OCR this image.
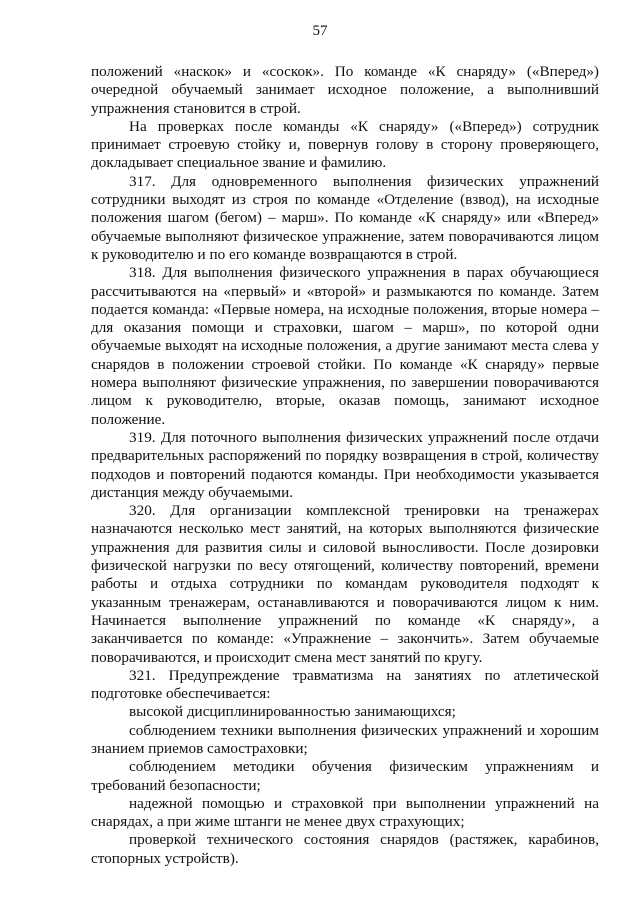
57

положений «наскок» и «соскок». По команде «К снаряду» («Вперед») очередной обучаемый занимает исходное положение, а выполнивший упражнения становится в строй.

На проверках после команды «К снаряду» («Вперед») сотрудник принимает строевую стойку и, повернув голову в сторону проверяющего, докладывает специальное звание и фамилию.

317. Для одновременного выполнения физических упражнений сотрудники выходят из строя по команде «Отделение (взвод), на исходные положения шагом (бегом) – марш». По команде «К снаряду» или «Вперед» обучаемые выполняют физическое упражнение, затем поворачиваются лицом к руководителю и по его команде возвращаются в строй.

318. Для выполнения физического упражнения в парах обучающиеся рассчитываются на «первый» и «второй» и размыкаются по команде. Затем подается команда: «Первые номера, на исходные положения, вторые номера – для оказания помощи и страховки, шагом – марш», по которой одни обучаемые выходят на исходные положения, а другие занимают места слева у снарядов в положении строевой стойки. По команде «К снаряду» первые номера выполняют физические упражнения, по завершении поворачиваются лицом к руководителю, вторые, оказав помощь, занимают исходное положение.

319. Для поточного выполнения физических упражнений после отдачи предварительных распоряжений по порядку возвращения в строй, количеству подходов и повторений подаются команды. При необходимости указывается дистанция между обучаемыми.

320. Для организации комплексной тренировки на тренажерах назначаются несколько мест занятий, на которых выполняются физические упражнения для развития силы и силовой выносливости. После дозировки физической нагрузки по весу отягощений, количеству повторений, времени работы и отдыха сотрудники по командам руководителя подходят к указанным тренажерам, останавливаются и поворачиваются лицом к ним. Начинается выполнение упражнений по команде «К снаряду», а заканчивается по команде: «Упражнение – закончить». Затем обучаемые поворачиваются, и происходит смена мест занятий по кругу.

321. Предупреждение травматизма на занятиях по атлетической подготовке обеспечивается:

высокой дисциплинированностью занимающихся;

соблюдением техники выполнения физических упражнений и хорошим знанием приемов самостраховки;

соблюдением методики обучения физическим упражнениям и требований безопасности;

надежной помощью и страховкой при выполнении упражнений на снарядах, а при жиме штанги не менее двух страхующих;

проверкой технического состояния снарядов (растяжек, карабинов, стопорных устройств).
